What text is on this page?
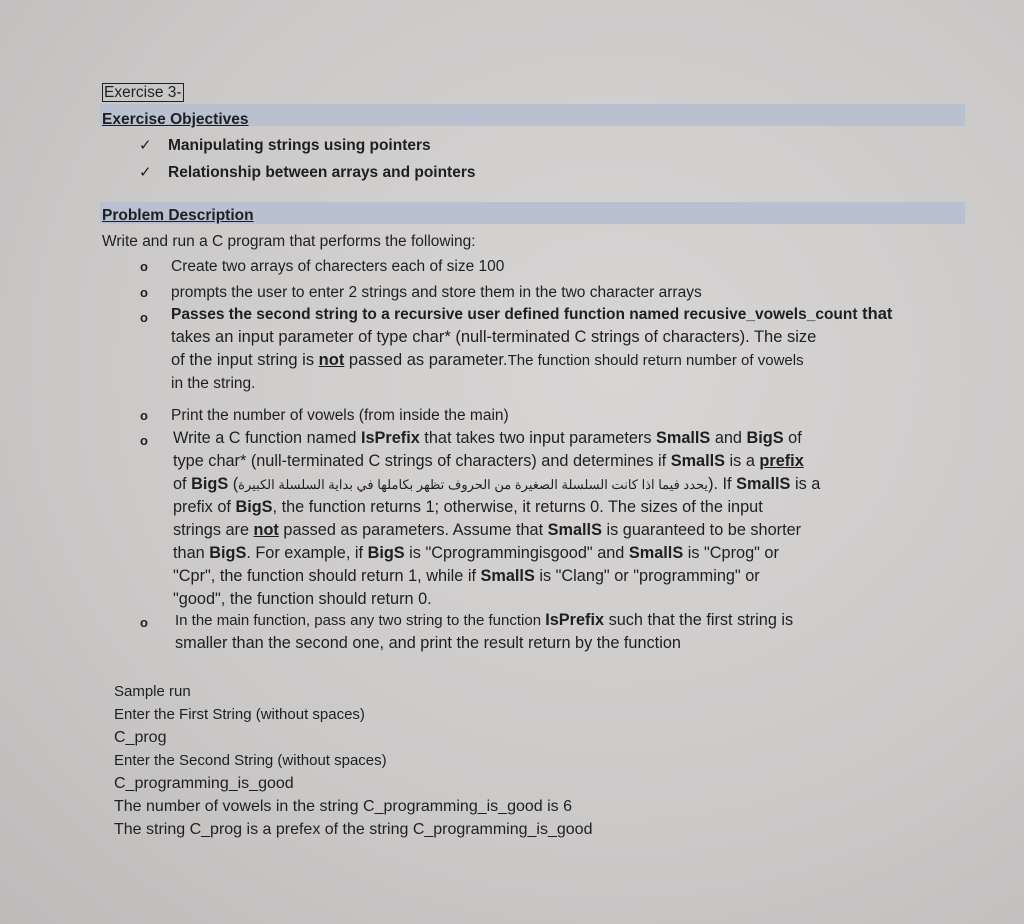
Exercise 3-
Exercise Objectives
✓ Manipulating strings using pointers
✓ Relationship between arrays and pointers
Problem Description
Write and run a C program that performs the following:
o Create two arrays of charecters each of size 100
o prompts the user to enter 2 strings and store them in the two character arrays
o Passes the second string to a recursive user defined function named recusive_vowels_count that

takes an input parameter of type char* (null-terminated C strings of characters). The size

of the input string is not passed as parameter.The function should return number of vowels

in the string.

o Print the number of vowels (from inside the main)
o Write a C function named IsPrefix that takes two input parameters SmallS and BigS of

type char* (null-terminated C strings of characters) and determines if SmallS is a prefix

of BigS (يحدد فيما اذا كانت السلسلة الصغيرة من الحروف تظهر بكاملها في بداية السلسلة الكبيرة). If SmallS is a

prefix of BigS, the function returns 1; otherwise, it returns 0. The sizes of the input

strings are not passed as parameters. Assume that SmallS is guaranteed to be shorter

than BigS. For example, if BigS is "Cprogrammingisgood" and SmallS is "Cprog" or

"Cpr", the function should return 1, while if SmallS is "Clang" or "programming" or

"good", the function should return 0.

o In the main function, pass any two string to the function IsPrefix such that the first string is

smaller than the second one, and print the result return by the function

Sample run

Enter the First String (without spaces)

C_prog

Enter the Second String (without spaces)

C_programming_is_good

The number of vowels in the string C_programming_is_good is 6

The string C_prog is a prefex of the string C_programming_is_good
